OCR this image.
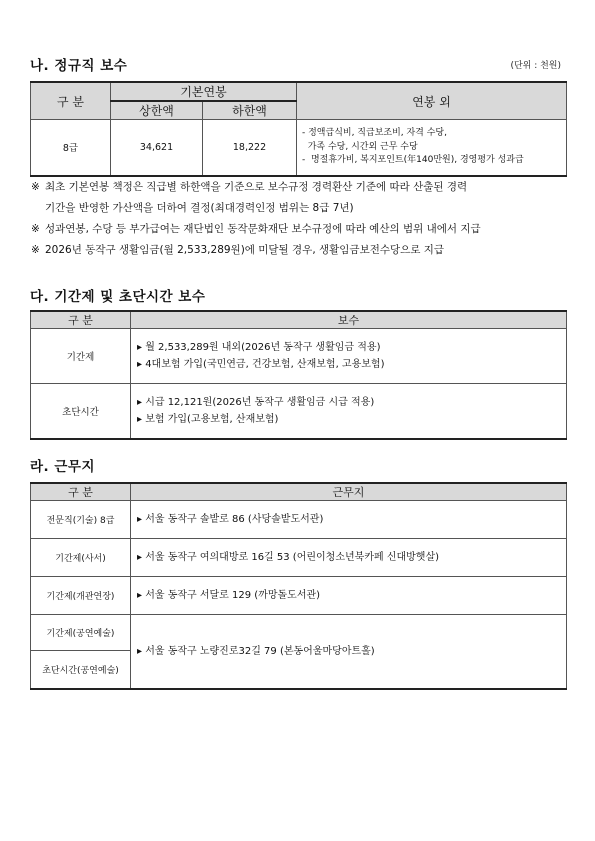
나. 정규직 보수	(단위 : 천원)
구 분	기본연봉		연봉 외
	상한액	하한액	
8급	34,621	18,222	- 정액급식비, 직급보조비, 자격 수당,
가족 수당, 시간외 근무 수당
-  명절휴가비, 복지포인트(年140만원), 경영평가 성과급
※ 최초 기본연봉 책정은 직급별 하한액을 기준으로 보수규정 경력환산 기준에 따라 산출된 경력
기간을 반영한 가산액을 더하여 결정(최대경력인정 범위는 8급 7년)
※ 성과연봉, 수당 등 부가급여는 재단법인 동작문화재단 보수규정에 따라 예산의 범위 내에서 지급
※ 2026년 동작구 생활임금(월 2,533,289원)에 미달될 경우, 생활임금보전수당으로 지급
다. 기간제 및 초단시간 보수
구 분	보수
기간제	▸ 월 2,533,289원 내외(2026년 동작구 생활임금 적용)
▸ 4대보험 가입(국민연금, 건강보험, 산재보험, 고용보험)

초단시간	▸ 시급 12,121원(2026년 동작구 생활임금 시급 적용)
▸ 보험 가입(고용보험, 산재보험)
라. 근무지
구 분	근무지
전문직(기술) 8급	▸ 서울 동작구 솔밭로 86 (사당솔밭도서관)
기간제(사서)	▸ 서울 동작구 여의대방로 16길 53 (어린이청소년북카페 신대방햇살)
기간제(개관연장)	▸ 서울 동작구 서달로 129 (까망돌도서관)
기간제(공연예술)	▸ 서울 동작구 노량진로32길 79 (본동어울마당아트홀)
초단시간(공연예술)	
